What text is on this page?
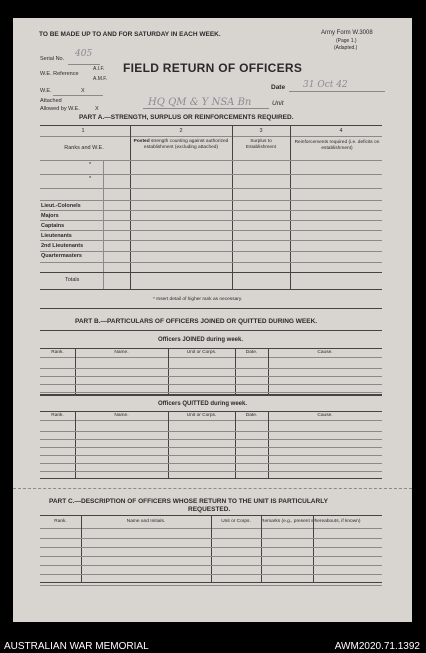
TO BE MADE UP TO AND FOR SATURDAY IN EACH WEEK.	Army Form W.3008
(Page 1.)
(Adapted.)
Serial No. 405
A.I.F.
W.E. Reference
A.M.F.
W.E.	X
Attached
Allowed by W.E.	X
FIELD RETURN OF OFFICERS
Date 31 Oct 42
HQ QM & Y NSA Bn	Unit
PART A.—STRENGTH, SURPLUS OR REINFORCEMENTS REQUIRED.
1	2	3	4
Ranks and W.E.
Posted strength counting against authorized establishment (excluding attached)
Surplus to Establishment
Reinforcements required (i.e. deficits on establishment)
*
*
Lieut.-Colonels
Majors
Captains
Lieutenants
2nd Lieutenants
Quartermasters
Totals
* Insert detail of higher rank as necessary.
PART B.—PARTICULARS OF OFFICERS JOINED OR QUITTED DURING WEEK.
Officers JOINED during week.
Rank.	Name.	Unit or Corps.	Date.	Cause.
Officers QUITTED during week.
Rank.	Name.	Unit or Corps.	Date.	Cause.
PART C.—DESCRIPTION OF OFFICERS WHOSE RETURN TO THE UNIT IS PARTICULARLY
REQUESTED.
Rank.	Name and Initials.	Unit or Corps.	Remarks (e.g., present whereabouts, if known)
AUSTRALIAN WAR MEMORIAL	AWM2020.71.1392
